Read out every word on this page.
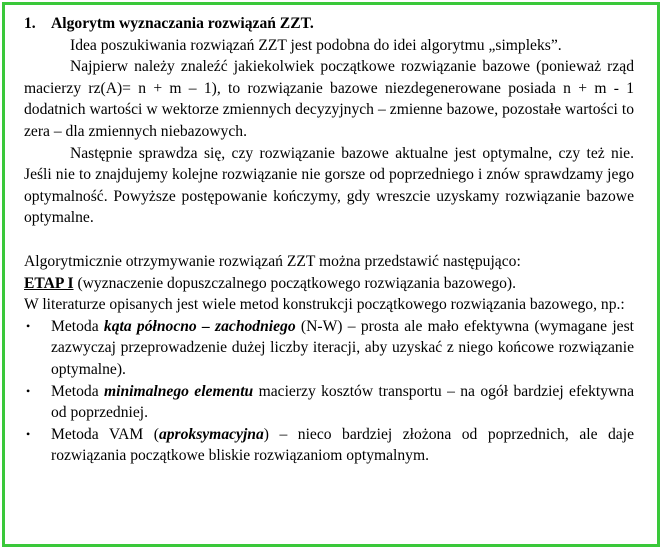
1. Algorytm wyznaczania rozwiązań ZZT.

Idea poszukiwania rozwiązań ZZT jest podobna do idei algorytmu „simpleks”.

Najpierw należy znaleźć jakiekolwiek początkowe rozwiązanie bazowe (ponieważ rząd macierzy rz(A)= n + m – 1), to rozwiązanie bazowe niezdegenerowane posiada n + m - 1 dodatnich wartości w wektorze zmiennych decyzyjnych – zmienne bazowe, pozostałe wartości to zera – dla zmiennych niebazowych.

Następnie sprawdza się, czy rozwiązanie bazowe aktualne jest optymalne, czy też nie. Jeśli nie to znajdujemy kolejne rozwiązanie nie gorsze od poprzedniego i znów sprawdzamy jego optymalność. Powyższe postępowanie kończymy, gdy wreszcie uzyskamy rozwiązanie bazowe optymalne.

Algorytmicznie otrzymywanie rozwiązań ZZT można przedstawić następująco:

ETAP I (wyznaczenie dopuszczalnego początkowego rozwiązania bazowego).

W literaturze opisanych jest wiele metod konstrukcji początkowego rozwiązania bazowego, np.:

• Metoda kąta północno – zachodniego (N-W) – prosta ale mało efektywna (wymagane jest zazwyczaj przeprowadzenie dużej liczby iteracji, aby uzyskać z niego końcowe rozwiązanie optymalne).
• Metoda minimalnego elementu macierzy kosztów transportu – na ogół bardziej efektywna od poprzedniej.
• Metoda VAM (aproksymacyjna) – nieco bardziej złożona od poprzednich, ale daje rozwiązania początkowe bliskie rozwiązaniom optymalnym.
